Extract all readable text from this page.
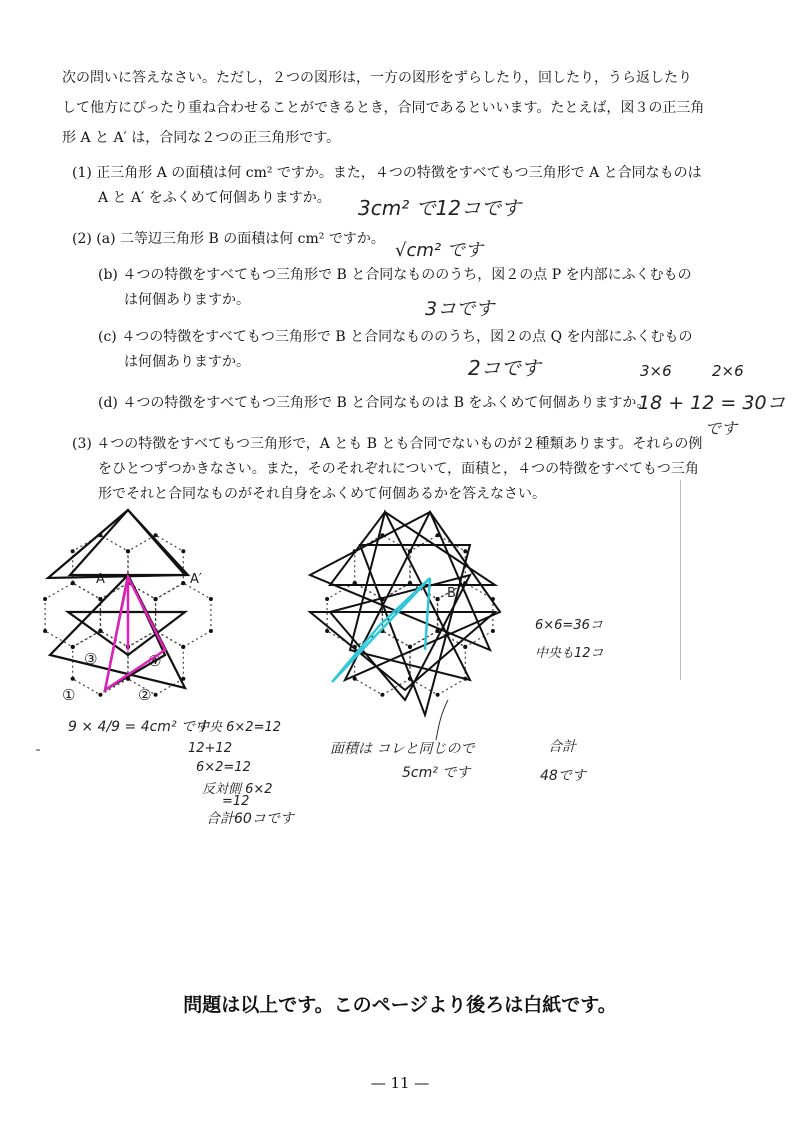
次の問いに答えなさい。ただし，２つの図形は，一方の図形をずらしたり，回したり，うら返したり

して他方にぴったり重ね合わせることができるとき，合同であるといいます。たとえば，図３の正三角

形 A と A′ は，合同な２つの正三角形です。

(1) 正三角形 A の面積は何 cm² ですか。また，４つの特徴をすべてもつ三角形で A と合同なものは

A と A′ をふくめて何個ありますか。

(2) (a) 二等辺三角形 B の面積は何 cm² ですか。

(b) ４つの特徴をすべてもつ三角形で B と合同なもののうち，図２の点 P を内部にふくむもの

は何個ありますか。

(c) ４つの特徴をすべてもつ三角形で B と合同なもののうち，図２の点 Q を内部にふくむもの

は何個ありますか。

(d) ４つの特徴をすべてもつ三角形で B と合同なものは B をふくめて何個ありますか。

(3) ４つの特徴をすべてもつ三角形で，A とも B とも合同でないものが２種類あります。それらの例

をひとつずつかきなさい。また，そのそれぞれについて，面積と，４つの特徴をすべてもつ三角

形でそれと合同なものがそれ自身をふくめて何個あるかを答えなさい。

3cm² で12コです
√cm² です
3コです
2コです	3×6	2×6
18 + 12 = 30コ
です
A	A′
B
③	④
①	②
9 × 4/9 = 4cm² です
中央 6×2=12
12+12
6×2=12
反対側 6×2
=12
合計60コです
面積は コレと同じので
5cm² です
6×6=36コ
中央も12コ
合計
48です
問題は以上です。このページより後ろは白紙です。
— 11 —
